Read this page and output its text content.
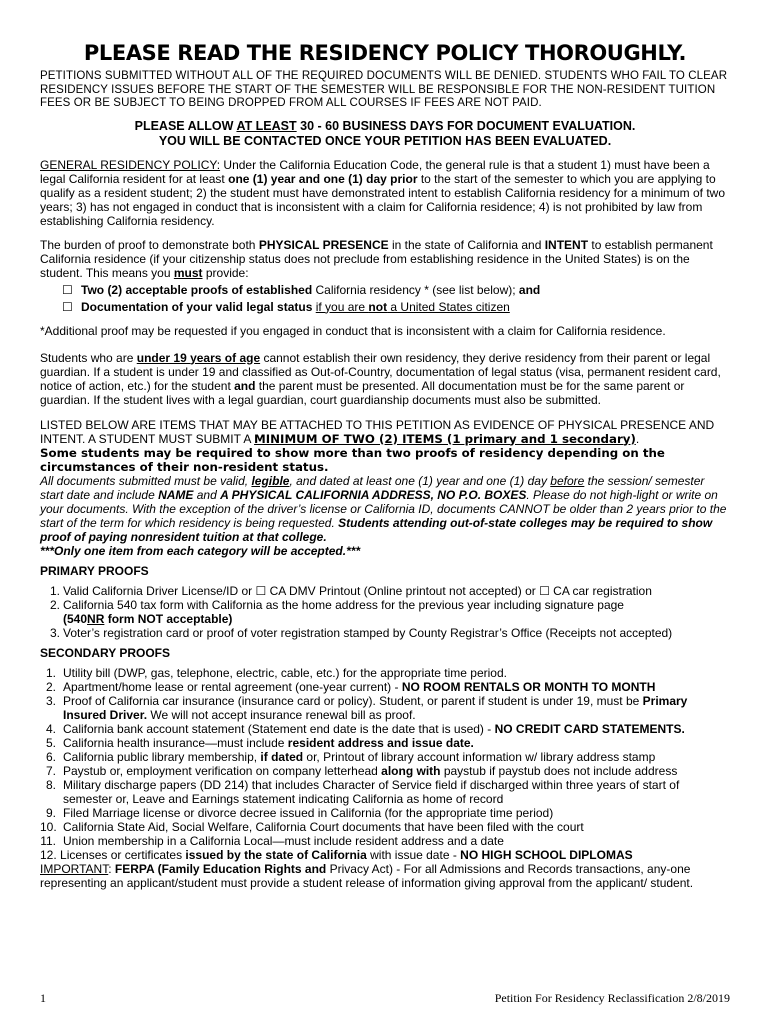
PLEASE READ THE RESIDENCY POLICY THOROUGHLY.

PETITIONS SUBMITTED WITHOUT ALL OF THE REQUIRED DOCUMENTS WILL BE DENIED. STUDENTS WHO FAIL TO CLEAR RESIDENCY ISSUES BEFORE THE START OF THE SEMESTER WILL BE RESPONSIBLE FOR THE NON-RESIDENT TUITION FEES OR BE SUBJECT TO BEING DROPPED FROM ALL COURSES IF FEES ARE NOT PAID.

PLEASE ALLOW AT LEAST 30 - 60 BUSINESS DAYS FOR DOCUMENT EVALUATION.

YOU WILL BE CONTACTED ONCE YOUR PETITION HAS BEEN EVALUATED.

GENERAL RESIDENCY POLICY: Under the California Education Code, the general rule is that a student 1) must have been a legal California resident for at least one (1) year and one (1) day prior to the start of the semester to which you are applying to qualify as a resident student; 2) the student must have demonstrated intent to establish California residency for a minimum of two years; 3) has not engaged in conduct that is inconsistent with a claim for California residence; 4) is not prohibited by law from establishing California residency.

The burden of proof to demonstrate both PHYSICAL PRESENCE in the state of California and INTENT to establish permanent California residence (if your citizenship status does not preclude from establishing residence in the United States) is on the student. This means you must provide:

☐ Two (2) acceptable proofs of established California residency * (see list below); and
☐ Documentation of your valid legal status if you are not a United States citizen

*Additional proof may be requested if you engaged in conduct that is inconsistent with a claim for California residence.

Students who are under 19 years of age cannot establish their own residency, they derive residency from their parent or legal guardian. If a student is under 19 and classified as Out-of-Country, documentation of legal status (visa, permanent resident card, notice of action, etc.) for the student and the parent must be presented. All documentation must be for the same parent or guardian. If the student lives with a legal guardian, court guardianship documents must also be submitted.

LISTED BELOW ARE ITEMS THAT MAY BE ATTACHED TO THIS PETITION AS EVIDENCE OF PHYSICAL PRESENCE AND INTENT. A STUDENT MUST SUBMIT A MINIMUM OF TWO (2) ITEMS (1 primary and 1 secondary).
Some students may be required to show more than two proofs of residency depending on the circumstances of their non-resident status.

All documents submitted must be valid, legible, and dated at least one (1) year and one (1) day before the session/ semester start date and include NAME and A PHYSICAL CALIFORNIA ADDRESS, NO P.O. BOXES. Please do not high-light or write on your documents. With the exception of the driver’s license or California ID, documents CANNOT be older than 2 years prior to the start of the term for which residency is being requested. Students attending out-of-state colleges may be required to show proof of paying nonresident tuition at that college.
***Only one item from each category will be accepted.***

PRIMARY PROOFS

1. Valid California Driver License/ID or ☐ CA DMV Printout (Online printout not accepted) or ☐ CA car registration
2. California 540 tax form with California as the home address for the previous year including signature page
(540NR form NOT acceptable)
3. Voter’s registration card or proof of voter registration stamped by County Registrar’s Office (Receipts not accepted)

SECONDARY PROOFS

1. Utility bill (DWP, gas, telephone, electric, cable, etc.) for the appropriate time period.
2. Apartment/home lease or rental agreement (one-year current) - NO ROOM RENTALS OR MONTH TO MONTH
3. Proof of California car insurance (insurance card or policy). Student, or parent if student is under 19, must be Primary Insured Driver. We will not accept insurance renewal bill as proof.
4. California bank account statement (Statement end date is the date that is used) - NO CREDIT CARD STATEMENTS.
5. California health insurance—must include resident address and issue date.
6. California public library membership, if dated or, Printout of library account information w/ library address stamp
7. Paystub or, employment verification on company letterhead along with paystub if paystub does not include address
8. Military discharge papers (DD 214) that includes Character of Service field if discharged within three years of start of semester or, Leave and Earnings statement indicating California as home of record
9. Filed Marriage license or divorce decree issued in California (for the appropriate time period)
10. California State Aid, Social Welfare, California Court documents that have been filed with the court
11. Union membership in a California Local—must include resident address and a date
12. Licenses or certificates issued by the state of California with issue date - NO HIGH SCHOOL DIPLOMAS

IMPORTANT: FERPA (Family Education Rights and Privacy Act) - For all Admissions and Records transactions, any-one representing an applicant/student must provide a student release of information giving approval from the applicant/ student.

1	Petition For Residency Reclassification 2/8/2019
